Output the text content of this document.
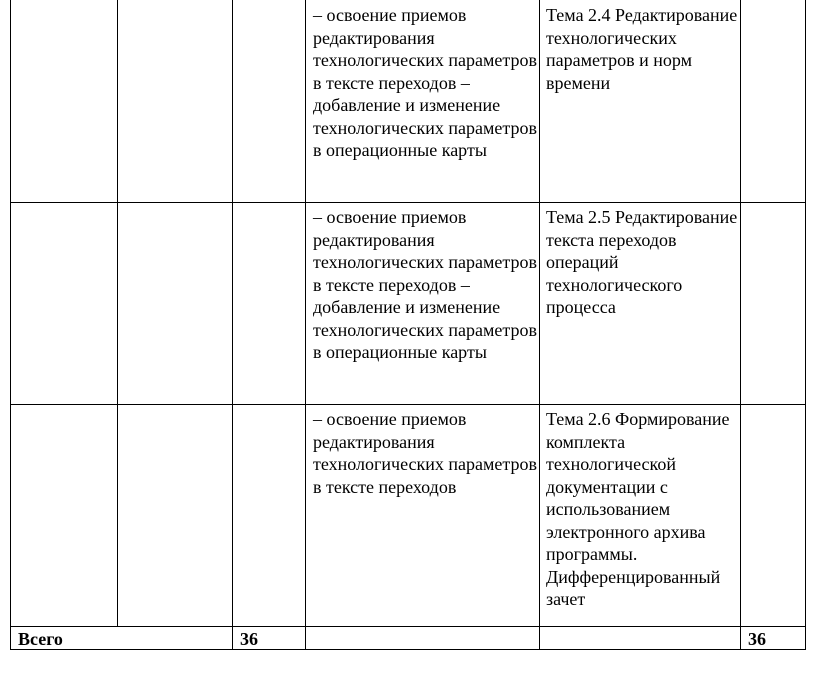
– освоение приемов редактирования технологических параметров в тексте переходов – добавление и изменение технологических параметров в операционные карты
Тема 2.4 Редактирование технологических параметров и норм времени
– освоение приемов редактирования технологических параметров в тексте переходов – добавление и изменение технологических параметров в операционные карты
Тема 2.5 Редактирование текста переходов операций технологического процесса
– освоение приемов редактирования технологических параметров в тексте переходов
Тема 2.6 Формирование комплекта технологической документации с использованием электронного архива программы. Дифференцированный зачет
Всего	36	36
